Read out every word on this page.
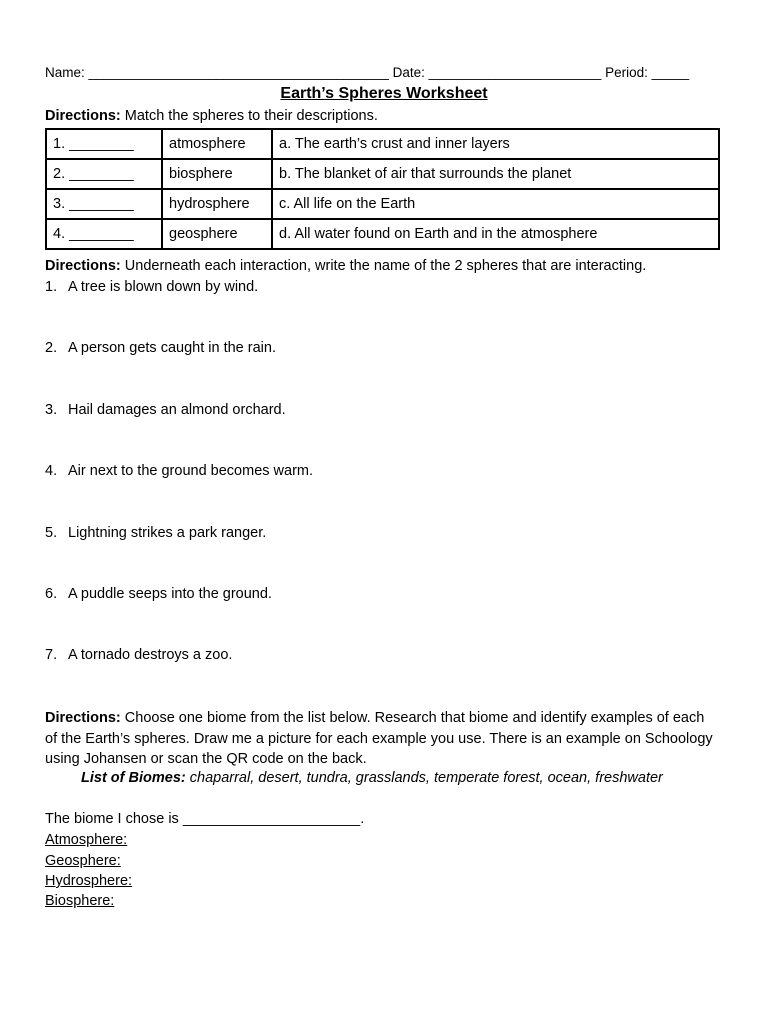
Name: ________________________________________ Date: _______________________ Period: _____
Earth’s Spheres Worksheet
Directions: Match the spheres to their descriptions.
1. ________	atmosphere	a. The earth’s crust and inner layers
2. ________	biosphere	b. The blanket of air that surrounds the planet
3. ________	hydrosphere	c. All life on the Earth
4. ________	geosphere	d. All water found on Earth and in the atmosphere
Directions: Underneath each interaction, write the name of the 2 spheres that are interacting.
1. A tree is blown down by wind.
2. A person gets caught in the rain.
3. Hail damages an almond orchard.
4. Air next to the ground becomes warm.
5. Lightning strikes a park ranger.
6. A puddle seeps into the ground.
7. A tornado destroys a zoo.
Directions: Choose one biome from the list below. Research that biome and identify examples of each of the Earth’s spheres. Draw me a picture for each example you use. There is an example on Schoology using Johansen or scan the QR code on the back.
List of Biomes: chaparral, desert, tundra, grasslands, temperate forest, ocean, freshwater
The biome I chose is ______________________.
Atmosphere:
Geosphere:
Hydrosphere:
Biosphere:
